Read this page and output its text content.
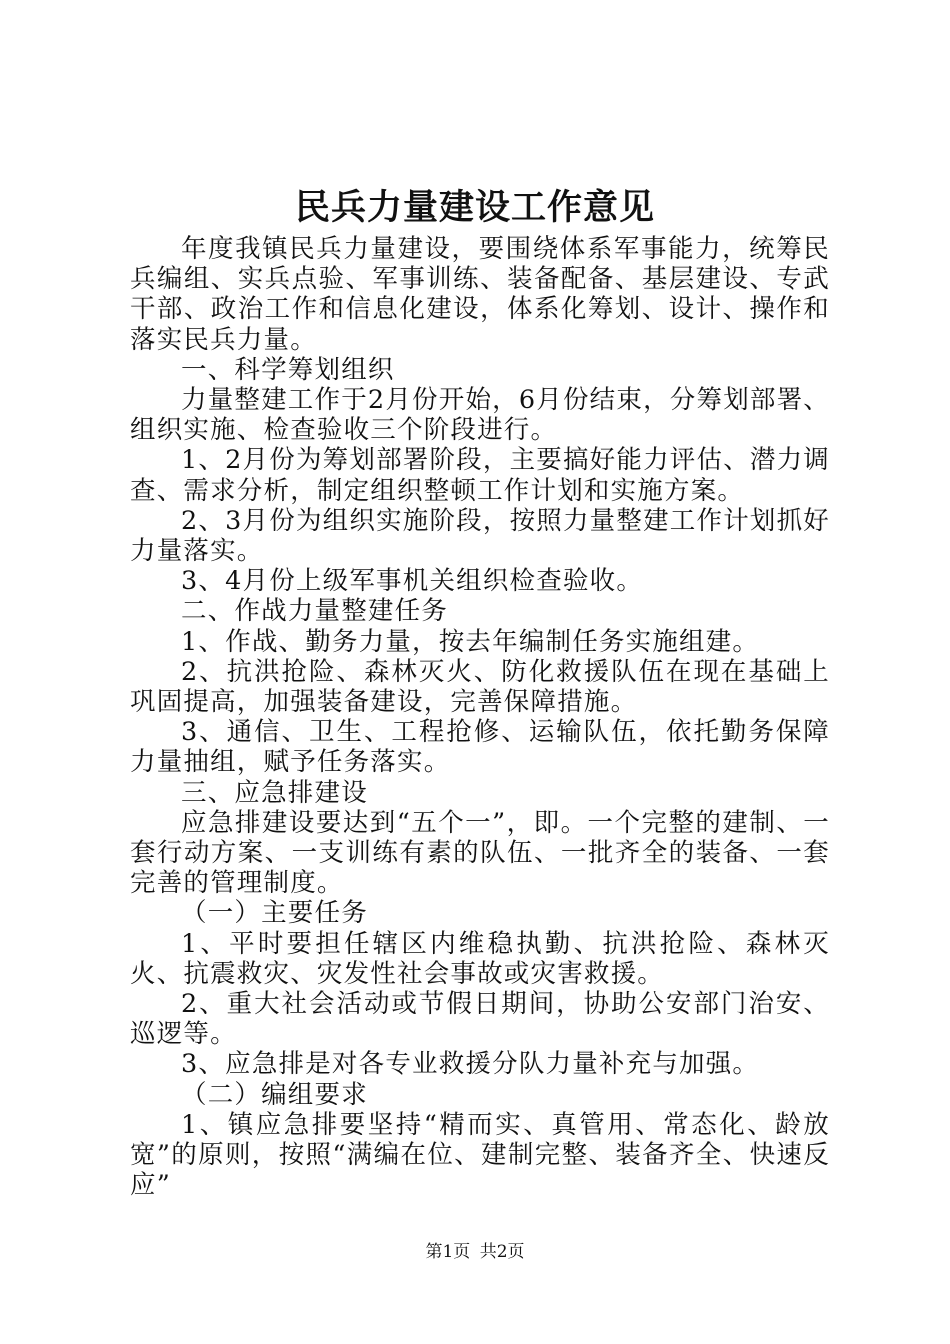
民兵力量建设工作意见

年度我镇民兵力量建设，要围绕体系军事能力，统筹民兵编组、实兵点验、军事训练、装备配备、基层建设、专武干部、政治工作和信息化建设，体系化筹划、设计、操作和落实民兵力量。

一、科学筹划组织

力量整建工作于2月份开始，6月份结束，分筹划部署、组织实施、检查验收三个阶段进行。

1、2月份为筹划部署阶段，主要搞好能力评估、潜力调查、需求分析，制定组织整顿工作计划和实施方案。

2、3月份为组织实施阶段，按照力量整建工作计划抓好力量落实。

3、4月份上级军事机关组织检查验收。

二、作战力量整建任务

1、作战、勤务力量，按去年编制任务实施组建。

2、抗洪抢险、森林灭火、防化救援队伍在现在基础上巩固提高，加强装备建设，完善保障措施。

3、通信、卫生、工程抢修、运输队伍，依托勤务保障力量抽组，赋予任务落实。

三、应急排建设

应急排建设要达到“五个一”，即。一个完整的建制、一套行动方案、一支训练有素的队伍、一批齐全的装备、一套完善的管理制度。

（一）主要任务

1、平时要担任辖区内维稳执勤、抗洪抢险、森林灭火、抗震救灾、灾发性社会事故或灾害救援。

2、重大社会活动或节假日期间，协助公安部门治安、巡逻等。

3、应急排是对各专业救援分队力量补充与加强。

（二）编组要求

1、镇应急排要坚持“精而实、真管用、常态化、龄放宽”的原则，按照“满编在位、建制完整、装备齐全、快速反应”

第1页 共2页
